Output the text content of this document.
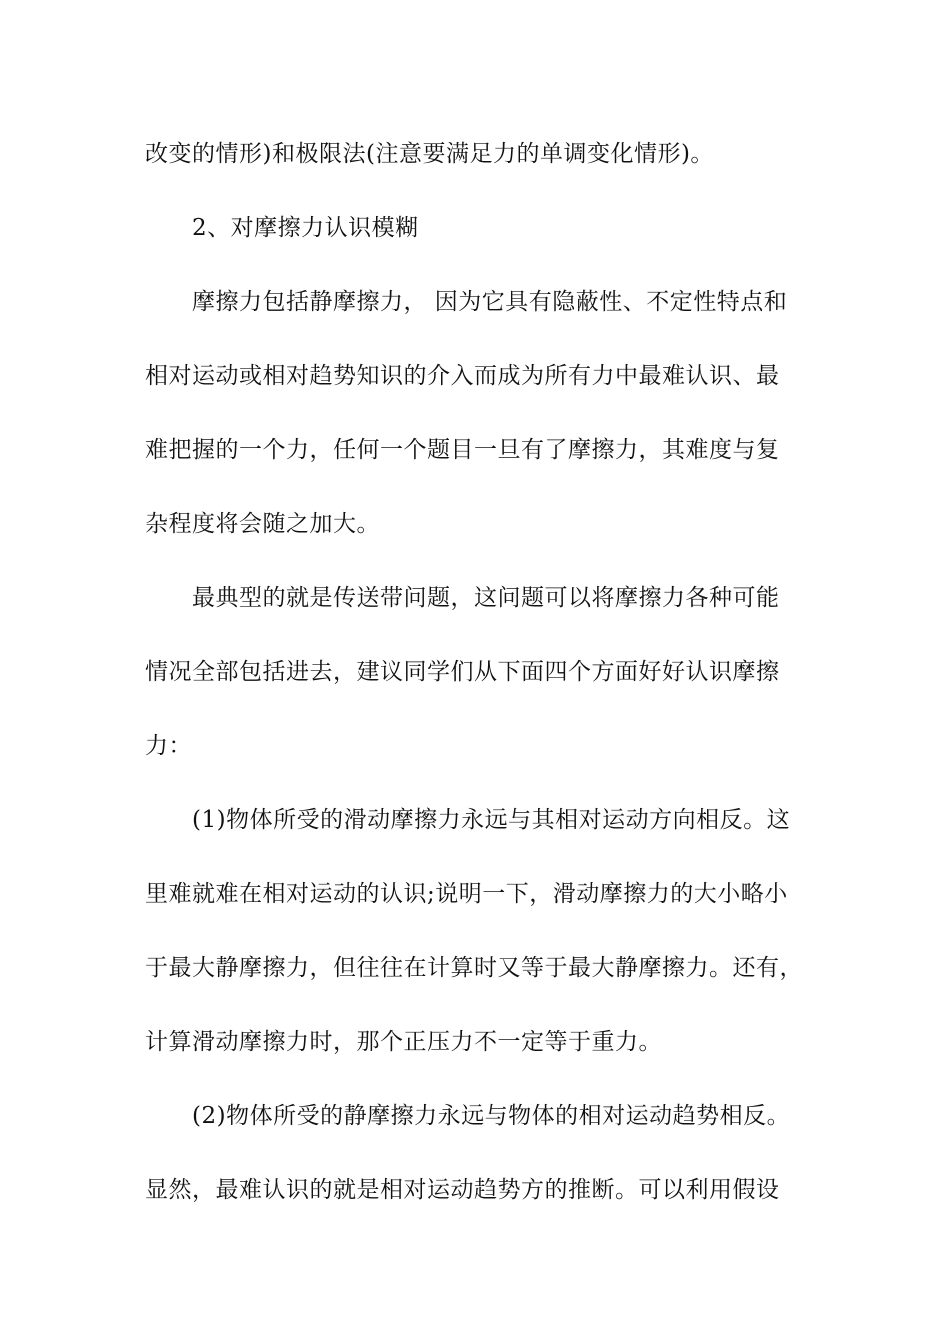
改变的情形)和极限法(注意要满足力的单调变化情形)。
2、对摩擦力认识模糊
摩擦力包括静摩擦力， 因为它具有隐蔽性、不定性特点和
相对运动或相对趋势知识的介入而成为所有力中最难认识、最
难把握的一个力，任何一个题目一旦有了摩擦力，其难度与复
杂程度将会随之加大。
最典型的就是传送带问题，这问题可以将摩擦力各种可能
情况全部包括进去，建议同学们从下面四个方面好好认识摩擦
力：
(1)物体所受的滑动摩擦力永远与其相对运动方向相反。这
里难就难在相对运动的认识;说明一下，滑动摩擦力的大小略小
于最大静摩擦力，但往往在计算时又等于最大静摩擦力。还有，
计算滑动摩擦力时，那个正压力不一定等于重力。
(2)物体所受的静摩擦力永远与物体的相对运动趋势相反。
显然，最难认识的就是相对运动趋势方的推断。可以利用假设
